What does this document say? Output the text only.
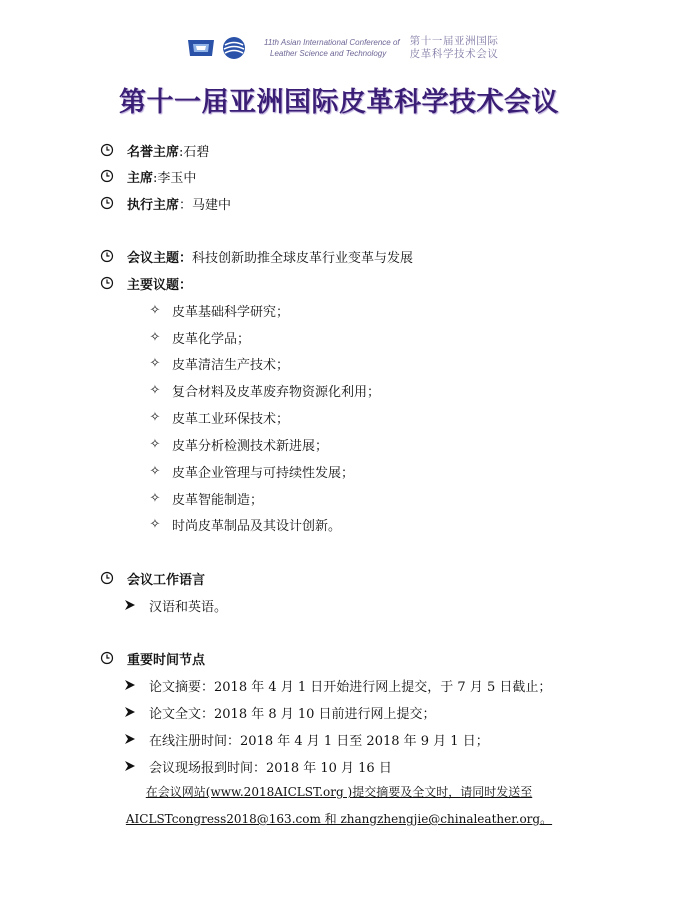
11th Asian International Conference of
Leather Science and Technology
第十一届亚洲国际
皮革科学技术会议
第十一届亚洲国际皮革科学技术会议
名誉主席 :石碧
主席 :李玉中
执行主席 ：马建中
会议主题： 科技创新助推全球皮革行业变革与发展
主要议题：
✧ 皮革基础科学研究；
✧ 皮革化学品；
✧ 皮革清洁生产技术；
✧ 复合材料及皮革废弃物资源化利用；
✧ 皮革工业环保技术；
✧ 皮革分析检测技术新进展；
✧ 皮革企业管理与可持续性发展；
✧ 皮革智能制造；
✧ 时尚皮革制品及其设计创新。
会议工作语言
汉语和英语。
重要时间节点
论文摘要：2018 年 4 月 1 日开始进行网上提交，于 7 月 5 日截止；
论文全文：2018 年 8 月 10 日前进行网上提交；
在线注册时间：2018 年 4 月 1 日至 2018 年 9 月 1 日；
会议现场报到时间：2018 年 10 月 16 日
在会议网站(www.2018AICLST.org )提交摘要及全文时，请同时发送至
AICLSTcongress2018@163.com 和 zhangzhengjie@chinaleather.org。
